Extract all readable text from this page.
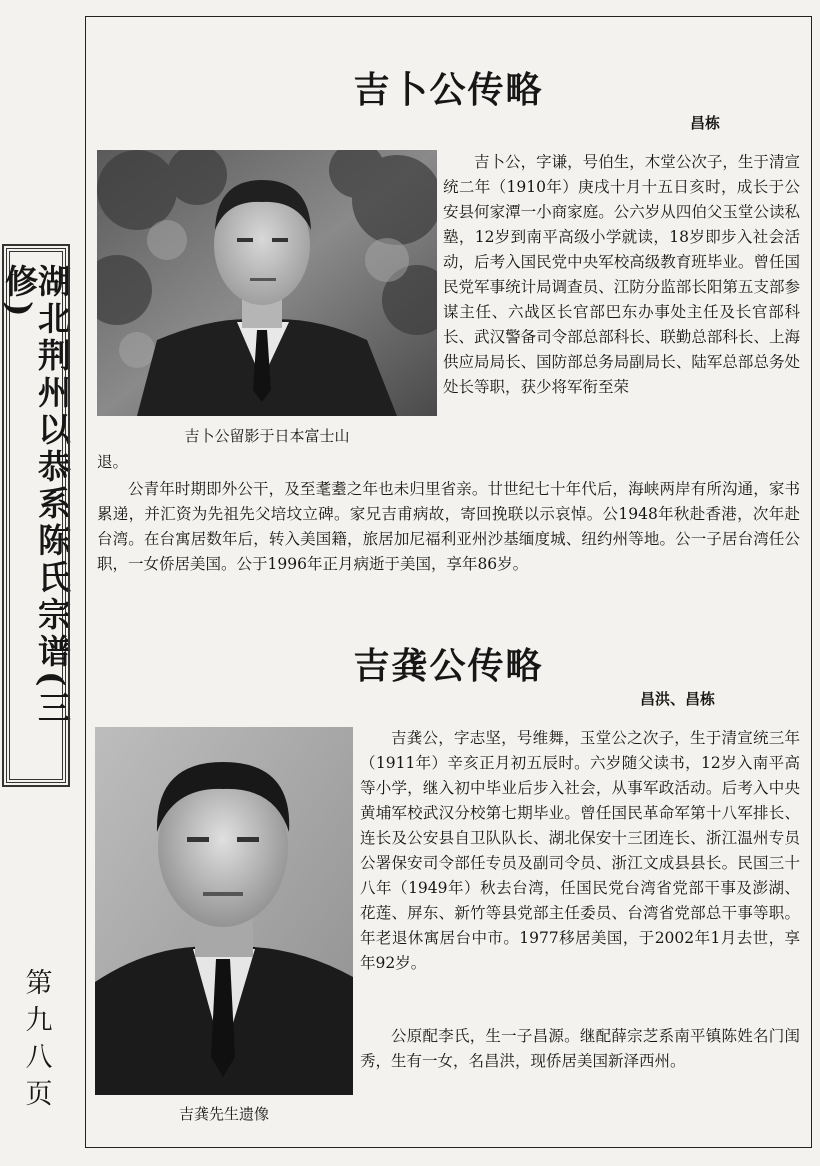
湖北荆州以恭系陈氏宗谱(三修)
第九八页
吉卜公传略
昌栋
吉卜公留影于日本富士山

吉卜公，字谦，号伯生，木堂公次子，生于清宣统二年（1910年）庚戌十月十五日亥时，成长于公安县何家潭一小商家庭。公六岁从四伯父玉堂公读私塾，12岁到南平高级小学就读，18岁即步入社会活动，后考入国民党中央军校高级教育班毕业。曾任国民党军事统计局调查员、江防分监部长阳第五支部参谋主任、六战区长官部巴东办事处主任及长官部科长、武汉警备司令部总部科长、联勤总部科长、上海供应局局长、国防部总务局副局长、陆军总部总务处处长等职，获少将军衔至荣

退。

公青年时期即外公干，及至耄耋之年也未归里省亲。廿世纪七十年代后，海峡两岸有所沟通，家书累递，并汇资为先祖先父培坟立碑。家兄吉甫病故，寄回挽联以示哀悼。公1948年秋赴香港，次年赴台湾。在台寓居数年后，转入美国籍，旅居加尼福利亚州沙基缅度城、纽约州等地。公一子居台湾任公职，一女侨居美国。公于1996年正月病逝于美国，享年86岁。

吉龚公传略
昌洪、昌栋
吉龚先生遗像

吉龚公，字志坚，号维舞，玉堂公之次子，生于清宣统三年（1911年）辛亥正月初五辰时。六岁随父读书，12岁入南平高等小学，继入初中毕业后步入社会，从事军政活动。后考入中央黄埔军校武汉分校第七期毕业。曾任国民革命军第十八军排长、连长及公安县自卫队队长、湖北保安十三团连长、浙江温州专员公署保安司令部任专员及副司令员、浙江文成县县长。民国三十八年（1949年）秋去台湾，任国民党台湾省党部干事及澎湖、花莲、屏东、新竹等县党部主任委员、台湾省党部总干事等职。年老退休寓居台中市。1977移居美国，于2002年1月去世，享年92岁。

公原配李氏，生一子昌源。继配薛宗芝系南平镇陈姓名门闺秀，生有一女，名昌洪，现侨居美国新泽西州。
